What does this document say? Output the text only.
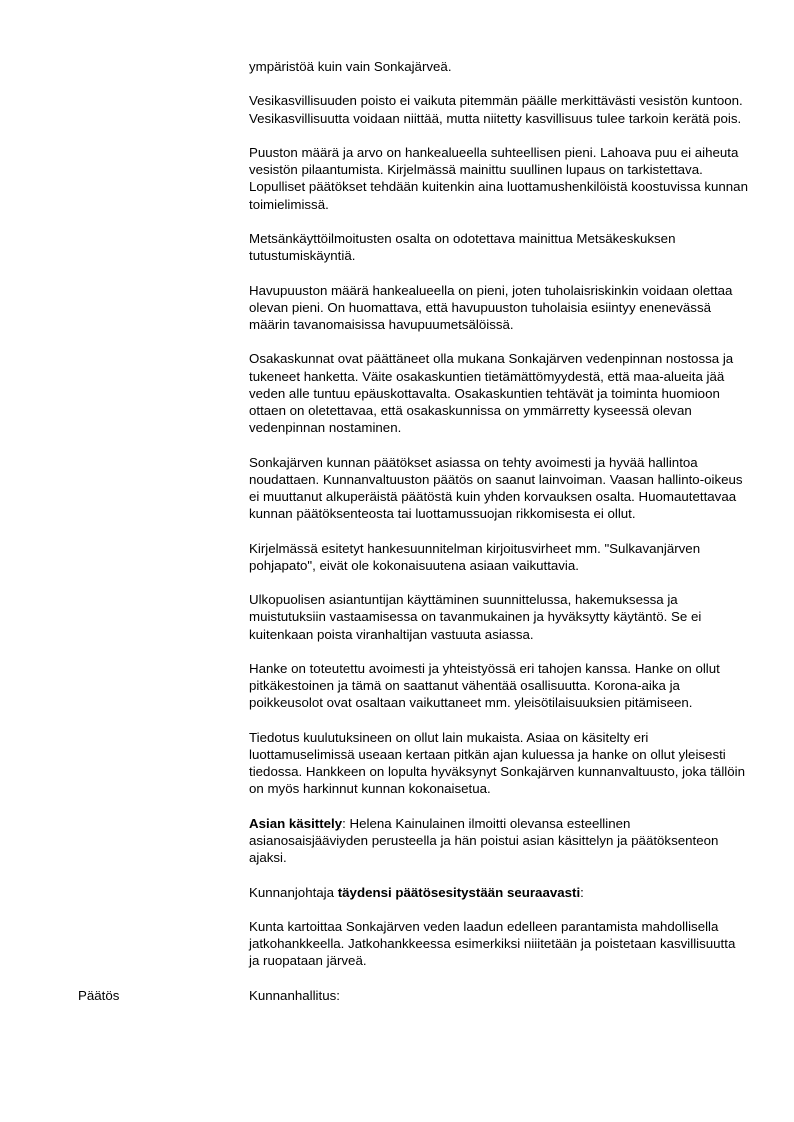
ympäristöä kuin vain Sonkajärveä.

Vesikasvillisuuden poisto ei vaikuta pitemmän päälle merkittävästi vesistön kuntoon. Vesikasvillisuutta voidaan niittää, mutta niitetty kasvillisuus tulee tarkoin kerätä pois.

Puuston määrä ja arvo on hankealueella suhteellisen pieni. Lahoava puu ei aiheuta vesistön pilaantumista. Kirjelmässä mainittu suullinen lupaus on tarkistettava. Lopulliset päätökset tehdään kuitenkin aina luottamushenkilöistä koostuvissa kunnan toimielimissä.

Metsänkäyttöilmoitusten osalta on odotettava mainittua Metsäkeskuksen tutustumiskäyntiä.

Havupuuston määrä hankealueella on pieni, joten tuholaisriskinkin voidaan olettaa olevan pieni. On huomattava, että havupuuston tuholaisia esiintyy enenevässä määrin tavanomaisissa havupuumetsälöissä.

Osakaskunnat ovat päättäneet olla mukana Sonkajärven vedenpinnan nostossa ja tukeneet hanketta. Väite osakaskuntien tietämättömyydestä, että maa-alueita jää veden alle tuntuu epäuskottavalta. Osakaskuntien tehtävät ja toiminta huomioon ottaen on oletettavaa, että osakaskunnissa on ymmärretty kyseessä olevan vedenpinnan nostaminen.

Sonkajärven kunnan päätökset asiassa on tehty avoimesti ja hyvää hallintoa noudattaen. Kunnanvaltuuston päätös on saanut lainvoiman. Vaasan hallinto-oikeus ei muuttanut alkuperäistä päätöstä kuin yhden korvauksen osalta. Huomautettavaa kunnan päätöksenteosta tai luottamussuojan rikkomisesta ei ollut.

Kirjelmässä esitetyt hankesuunnitelman kirjoitusvirheet mm. "Sulkavanjärven pohjapato", eivät ole kokonaisuutena asiaan vaikuttavia.

Ulkopuolisen asiantuntijan käyttäminen suunnittelussa, hakemuksessa ja muistutuksiin vastaamisessa on tavanmukainen ja hyväksytty käytäntö. Se ei kuitenkaan poista viranhaltijan vastuuta asiassa.

Hanke on toteutettu avoimesti ja yhteistyössä eri tahojen kanssa. Hanke on ollut pitkäkestoinen ja tämä on saattanut vähentää osallisuutta. Korona-aika ja poikkeusolot ovat osaltaan vaikuttaneet mm. yleisötilaisuuksien pitämiseen.

Tiedotus kuulutuksineen on ollut lain mukaista. Asiaa on käsitelty eri luottamuselimissä useaan kertaan pitkän ajan kuluessa ja hanke on ollut yleisesti tiedossa. Hankkeen on lopulta hyväksynyt Sonkajärven kunnanvaltuusto, joka tällöin on myös harkinnut kunnan kokonaisetua.

Asian käsittely: Helena Kainulainen ilmoitti olevansa esteellinen asianosaisjääviyden perusteella ja hän poistui asian käsittelyn ja päätöksenteon ajaksi.

Kunnanjohtaja täydensi päätösesitystään seuraavasti:

Kunta kartoittaa Sonkajärven veden laadun edelleen parantamista mahdollisella jatkohankkeella. Jatkohankkeessa esimerkiksi niiitetään ja poistetaan kasvillisuutta ja ruopataan järveä.

Kunnanhallitus:

Päätös
